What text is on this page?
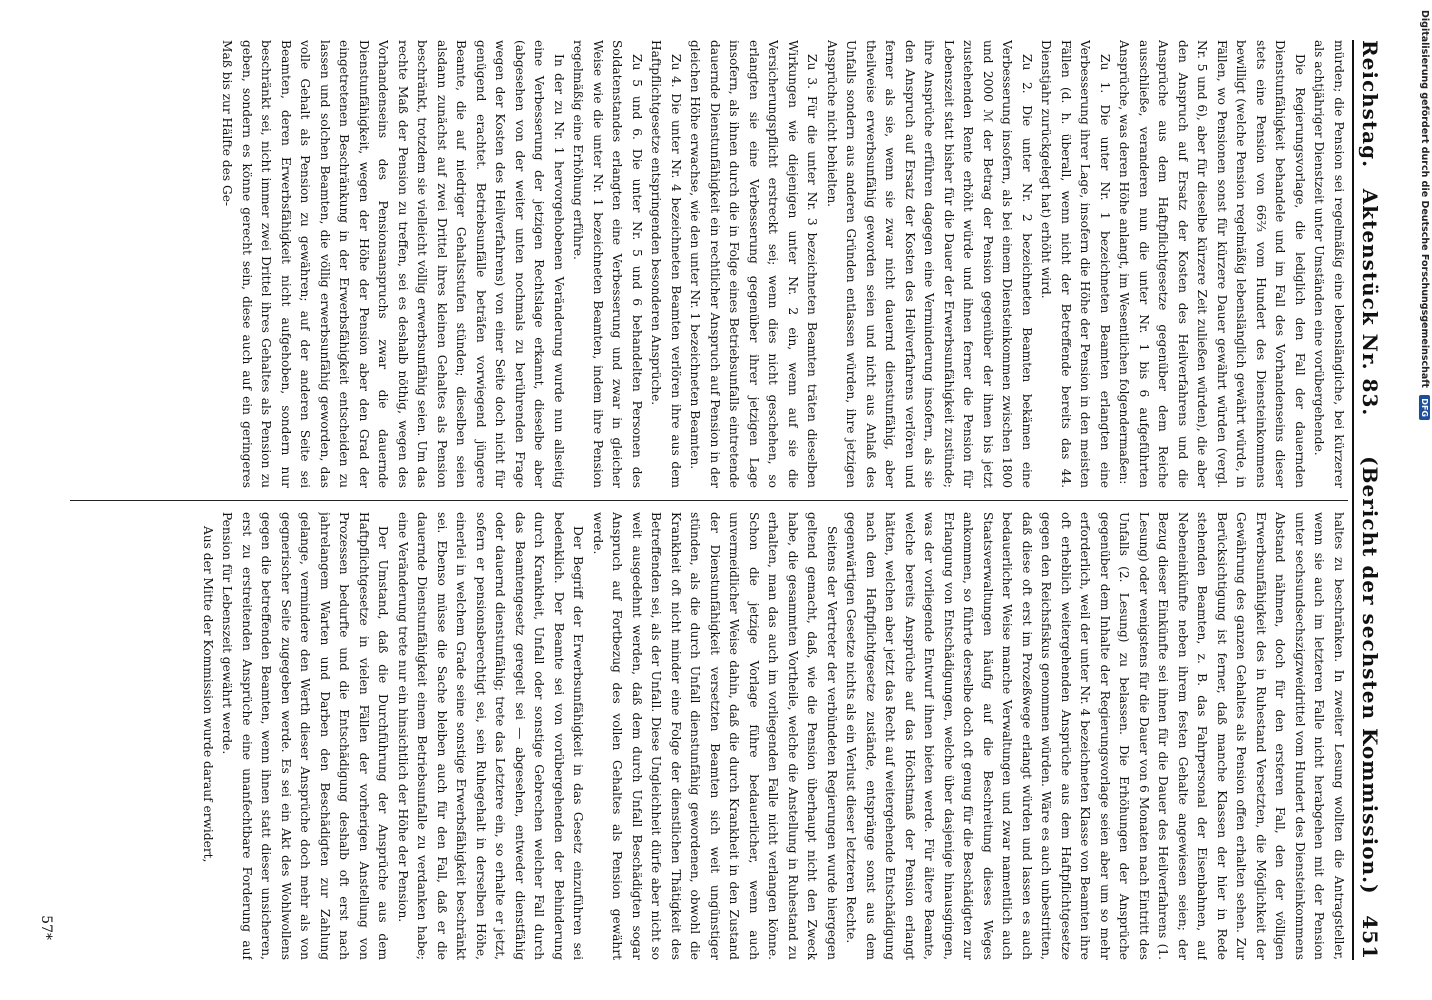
Reichstag.
Aktenstück Nr. 83.     (Bericht der sechsten Kommission.)
451

mürden; die Pension sei regelmäßig eine lebenslängliche, bei kürzerer als achtjähriger Dienstzeit unter Umständen eine vorübergehende.

Die Regierungsvorlage, die lediglich den Fall der dauernden Dienstunfähigkeit behandele und im Fall des Vorhandenseins dieser stets eine Pension von 66⅔ vom Hundert des Diensteinkommens bewilligt (welche Pension regelmäßig lebenslänglich gewährt würde, in Fällen, wo Pensionen sonst für kürzere Dauer gewährt würden (vergl. Nr. 5 und 6), aber für dieselbe kürzere Zeit zuließen würden), die aber den Anspruch auf Ersatz der Kosten des Heilverfahrens und die Ansprüche aus dem Haftpflichtgesetze gegenüber dem Reiche ausschließe, veranderen nun die unter Nr. 1 bis 6 aufgeführten Ansprüche, was deren Höhe anlangt, im Wesentlichen folgendermaßen:

Zu 1. Die unter Nr. 1 bezeichneten Beamten erlangten eine Verbesserung ihrer Lage, insofern die Höhe der Pension in den meisten Fällen (d. h. überall, wenn nicht der Betreffende bereits das 44. Dienstjahr zurückgelegt hat) erhöht wird.

Zu 2. Die unter Nr. 2 bezeichneten Beamten bekämen eine Verbesserung insofern, als bei einem Diensteinkommen zwischen 1800 und 2000 ℳ der Betrag der Pension gegenüber der ihnen bis jetzt zustehenden Rente erhöht würde und ihnen ferner die Pension für Lebenszeit statt bisher für die Dauer der Erwerbsunfähigkeit zustünde; ihre Ansprüche erführen dagegen eine Verminderung insofern, als sie den Anspruch auf Ersatz der Kosten des Heilverfahrens verlören und ferner als sie, wenn sie zwar nicht dauernd dienstunfähig, aber theilweise erwerbsunfähig geworden seien und nicht aus Anlaß des Unfalls sondern aus anderen Gründen entlassen würden, ihre jetzigen Ansprüche nicht behielten.

Zu 3. Für die unter Nr. 3 bezeichneten Beamten träten dieselben Wirkungen wie diejenigen unter Nr. 2 ein, wenn auf sie die Versicherungspflicht erstreckt sei; wenn dies nicht geschehen, so erlangten sie eine Verbesserung gegenüber ihrer jetzigen Lage insofern, als ihnen durch die in Folge eines Betriebsunfalls eintretende dauernde Dienstunfähigkeit ein rechtlicher Anspruch auf Pension in der gleichen Höhe erwachse, wie den unter Nr. 1 bezeichneten Beamten.

Zu 4. Die unter Nr. 4 bezeichneten Beamten verlören ihre aus dem Haftpflichtgesetze entspringenden besonderen Ansprüche.

Zu 5 und 6. Die unter Nr. 5 und 6 behandelten Personen des Soldatenstandes erlangten eine Verbesserung und zwar in gleicher Weise wie die unter Nr. 1 bezeichneten Beamten, indem ihre Pension regelmäßig eine Erhöhung erführe.

In der zu Nr. 1 hervorgehobenen Veränderung wurde nun allseitig eine Verbesserung der jetzigen Rechtslage erkannt, dieselbe aber (abgesehen von der weiter unten nochmals zu berührenden Frage wegen der Kosten des Heilverfahrens) von einer Seite doch nicht für genügend erachtet. Betriebsunfälle beträfen vorwiegend jüngere Beamte, die auf niedriger Gehaltsstufen stünden; dieselben seien alsdann zunächst auf zwei Drittel ihres kleinen Gehaltes als Pension beschränkt, trotzdem sie vielleicht völlig erwerbsunfähig seien. Um das rechte Maß der Pension zu treffen, sei es deshalb nöthig, wegen des Vorhandenseins des Pensionsanspruchs zwar die dauernde Dienstunfähigkeit, wegen der Höhe der Pension aber den Grad der eingetretenen Beschränkung in der Erwerbsfähigkeit entscheiden zu lassen und solchen Beamten, die völlig erwerbsunfähig geworden, das volle Gehalt als Pension zu gewähren; auf der anderen Seite sei Beamten, deren Erwerbsfähigkeit nicht aufgehoben, sondern nur beschränkt sei, nicht immer zwei Drittel ihres Gehaltes als Pension zu geben, sondern es könne gerecht sein, diese auch auf ein geringeres Maß bis zur Hälfte des Ge-

haltes zu beschränken. In zweiter Lesung wollten die Antragsteller, wenn sie auch im letzteren Falle nicht herabgehen mit der Pension unter sechsundsechszigzweidrittel vom Hundert des Diensteinkommens Abstand nähmen, doch für den ersteren Fall, den der völligen Erwerbsunfähigkeit des in Ruhestand Versetzten, die Möglichkeit der Gewährung des ganzen Gehaltes als Pension offen erhalten sehen. Zur Berücksichtigung ist ferner, daß manche Klassen der hier in Rede stehenden Beamten, z. B. das Fahrpersonal der Eisenbahnen, auf Nebeneinkünfte neben ihrem festen Gehalte angewiesen seien; der Bezug dieser Einkünfte sei ihnen für die Dauer des Heilverfahrens (1. Lesung) oder wenigstens für die Dauer von 6 Monaten nach Eintritt des Unfalls (2. Lesung) zu belassen. Die Erhöhungen der Ansprüche gegenüber dem Inhalte der Regierungsvorlage seien aber um so mehr erforderlich, weil der unter Nr. 4 bezeichneten Klasse von Beamten ihre oft erheblich weitergehenden Ansprüche aus dem Haftpflichtgesetze gegen den Reichsfiskus genommen würden. Wäre es auch unbestritten, daß diese oft erst im Prozeßwege erlangt würden und lassen es auch bedauerlicher Weise manche Verwaltungen und zwar namentlich auch Staatsverwaltungen häufig auf die Beschreitung dieses Weges ankommen, so führte derselbe doch oft genug für die Beschädigten zur Erlangung von Entschädigungen, welche über dasjenige hinausgingen, was der vorliegende Entwurf ihnen bieten werde. Für ältere Beamte, welche bereits Ansprüche auf das Höchstmaß der Pension erlangt hätten, welchen aber jetzt das Recht auf weitergehende Entschädigung nach dem Haftpflichtgesetze zustände, entspränge sonst aus dem gegenwärtigen Gesetze nichts als ein Verlust dieser letzteren Rechte.

Seitens der Vertreter der verbündeten Regierungen wurde hiergegen geltend gemacht, daß, wie die Pension überhaupt nicht den Zweck habe, die gesammten Vortheile, welche die Anstellung in Ruhestand zu erhalten, man das auch im vorliegenden Falle nicht verlangen könne. Schon die jetzige Vorlage führe bedauerlicher, wenn auch unvermeidlicher Weise dahin, daß die durch Krankheit in den Zustand der Dienstunfähigkeit versetzten Beamten sich weit ungünstiger stünden, als die durch Unfall dienstunfähig gewordenen, obwohl die Krankheit oft nicht minder eine Folge der dienstlichen Thätigkeit des Betreffenden sei, als der Unfall. Diese Ungleichheit dürfe aber nicht so weit ausgedehnt werden, daß dem durch Unfall Beschädigten sogar Anspruch auf Fortbezug des vollen Gehaltes als Pension gewährt werde.

Der Begriff der Erwerbsunfähigkeit in das Gesetz einzuführen sei bedenklich. Der Beamte sei von vorübergehenden der Behinderung durch Krankheit, Unfall oder sonstige Gebrechen welcher Fall durch das Beamtengesetz geregelt sei — abgesehen, entweder dienstfähig oder dauernd dienstunfähig; trete das Letztere ein, so erhalte er jetzt, sofern er pensionsberechtigt sei, sein Ruhegehalt in derselben Höhe, einerlei in welchem Grade seine sonstige Erwerbsfähigkeit beschränkt sei. Ebenso müsse die Sache bleiben auch für den Fall, daß er die dauernde Dienstunfähigkeit einem Betriebsunfalle zu verdanken habe; eine Veränderung trete nur ein hinsichtlich der Höhe der Pension.

Der Umstand, daß die Durchführung der Ansprüche aus dem Haftpflichtgesetze in vielen Fällen der vorherigen Anstellung von Prozessen bedurfte und die Entschädigung deshalb oft erst nach jahrelangem Warten und Darben den Beschädigten zur Zahlung gelange, vermindere den Werth dieser Ansprüche doch mehr als von gegnerischer Seite zugegeben werde. Es sei ein Akt des Wohlwollens gegen die betreffenden Beamten, wenn ihnen statt dieser unsicheren, erst zu erstreitenden Ansprüche eine unanfechtbare Forderung auf Pension für Lebenszeit gewährt werde.

Aus der Mitte der Kommission wurde darauf erwidert,

57*
Digitalisierung gefördert durch die Deutsche Forschungsgemeinschaft DFG
